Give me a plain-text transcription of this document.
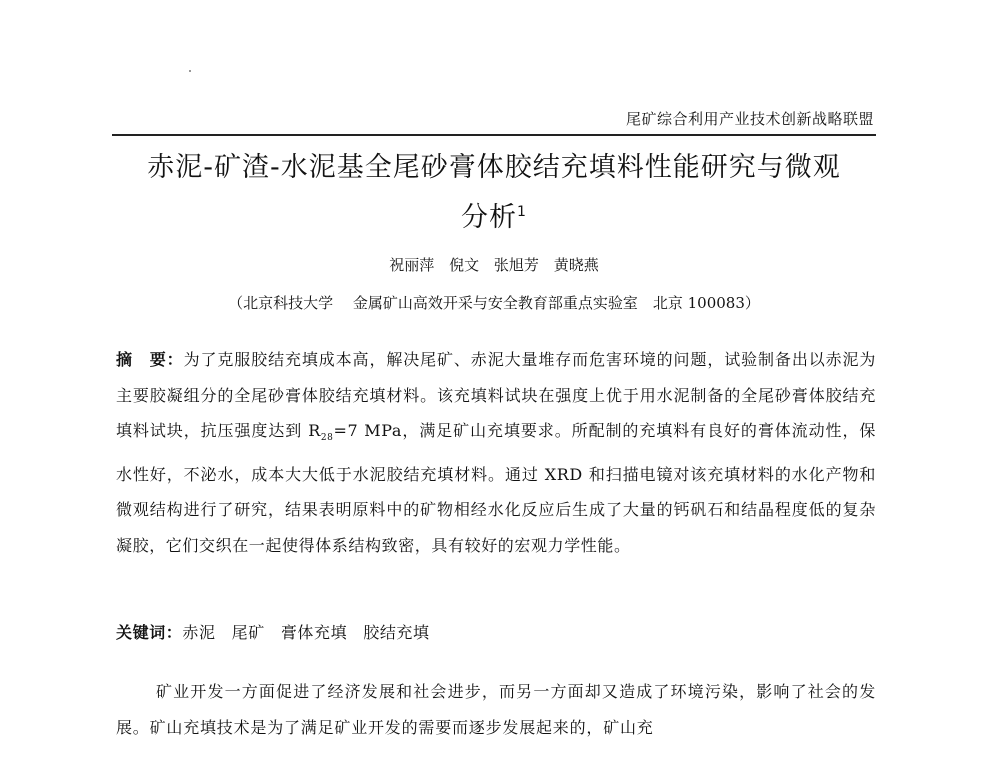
尾矿综合利用产业技术创新战略联盟
赤泥-矿渣-水泥基全尾砂膏体胶结充填料性能研究与微观
分析$^1$
祝丽萍 倪文 张旭芳 黄晓燕
（北京科技大学　 金属矿山高效开采与安全教育部重点实验室　北京 100083）
摘　要：为了克服胶结充填成本高，解决尾矿、赤泥大量堆存而危害环境的问题，试验制备出以赤泥为主要胶凝组分的全尾砂膏体胶结充填材料。该充填料试块在强度上优于用水泥制备的全尾砂膏体胶结充填料试块，抗压强度达到 $R_{28}=7$ MPa，满足矿山充填要求。所配制的充填料有良好的膏体流动性，保水性好，不泌水，成本大大低于水泥胶结充填材料。通过 XRD 和扫描电镜对该充填材料的水化产物和微观结构进行了研究，结果表明原料中的矿物相经水化反应后生成了大量的钙矾石和结晶程度低的复杂凝胶，它们交织在一起使得体系结构致密，具有较好的宏观力学性能。
关键词：赤泥 尾矿 膏体充填 胶结充填
矿业开发一方面促进了经济发展和社会进步，而另一方面却又造成了环境污染，影响了社会的发展。矿山充填技术是为了满足矿业开发的需要而逐步发展起来的，矿山充
